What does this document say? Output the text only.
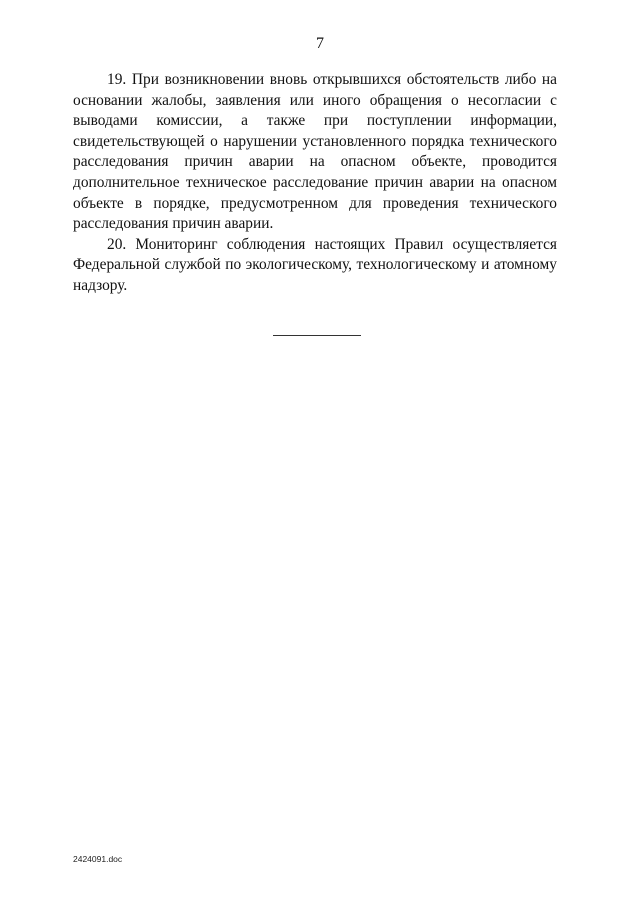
7

19. При возникновении вновь открывшихся обстоятельств либо на основании жалобы, заявления или иного обращения о несогласии с выводами комиссии, а также при поступлении информации, свидетельствующей о нарушении установленного порядка технического расследования причин аварии на опасном объекте, проводится дополнительное техническое расследование причин аварии на опасном объекте в порядке, предусмотренном для проведения технического расследования причин аварии.

20. Мониторинг соблюдения настоящих Правил осуществляется Федеральной службой по экологическому, технологическому и атомному надзору.

2424091.doc
